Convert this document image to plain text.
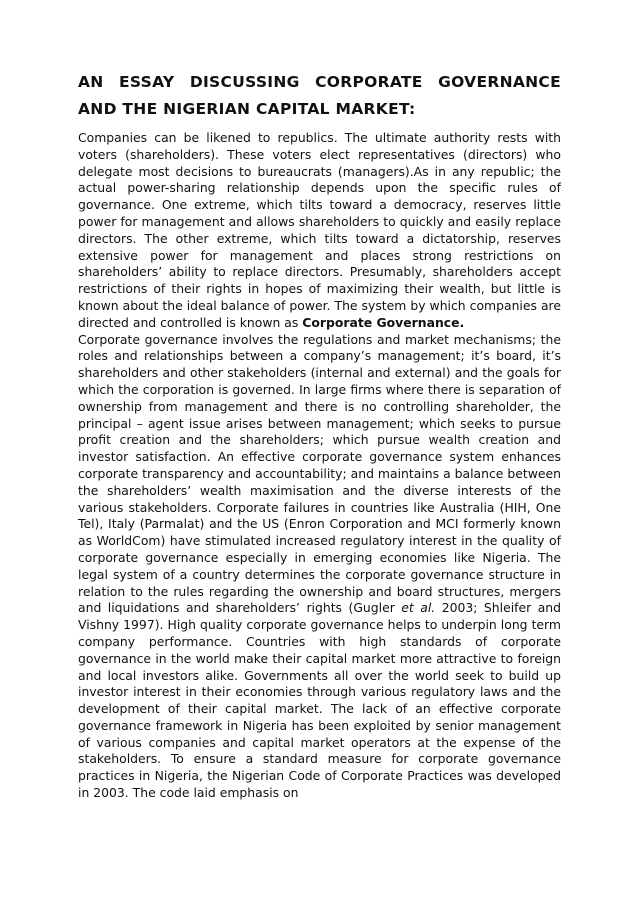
AN ESSAY DISCUSSING CORPORATE GOVERNANCE AND THE NIGERIAN CAPITAL MARKET:

Companies can be likened to republics. The ultimate authority rests with voters (shareholders). These voters elect representatives (directors) who delegate most decisions to bureaucrats (managers).As in any republic; the actual power-sharing relationship depends upon the specific rules of governance. One extreme, which tilts toward a democracy, reserves little power for management and allows shareholders to quickly and easily replace directors. The other extreme, which tilts toward a dictatorship, reserves extensive power for management and places strong restrictions on shareholders’ ability to replace directors. Presumably, shareholders accept restrictions of their rights in hopes of maximizing their wealth, but little is known about the ideal balance of power. The system by which companies are directed and controlled is known as Corporate Governance.

Corporate governance involves the regulations and market mechanisms; the roles and relationships between a company’s management; it’s board, it’s shareholders and other stakeholders (internal and external) and the goals for which the corporation is governed. In large firms where there is separation of ownership from management and there is no controlling shareholder, the principal – agent issue arises between management; which seeks to pursue profit creation and the shareholders; which pursue wealth creation and investor satisfaction. An effective corporate governance system enhances corporate transparency and accountability; and maintains a balance between the shareholders’ wealth maximisation and the diverse interests of the various stakeholders. Corporate failures in countries like Australia (HIH, One Tel), Italy (Parmalat) and the US (Enron Corporation and MCI formerly known as WorldCom) have stimulated increased regulatory interest in the quality of corporate governance especially in emerging economies like Nigeria. The legal system of a country determines the corporate governance structure in relation to the rules regarding the ownership and board structures, mergers and liquidations and shareholders’ rights (Gugler et al. 2003; Shleifer and Vishny 1997). High quality corporate governance helps to underpin long term company performance. Countries with high standards of corporate governance in the world make their capital market more attractive to foreign and local investors alike. Governments all over the world seek to build up investor interest in their economies through various regulatory laws and the development of their capital market. The lack of an effective corporate governance framework in Nigeria has been exploited by senior management of various companies and capital market operators at the expense of the stakeholders. To ensure a standard measure for corporate governance practices in Nigeria, the Nigerian Code of Corporate Practices was developed in 2003. The code laid emphasis on
